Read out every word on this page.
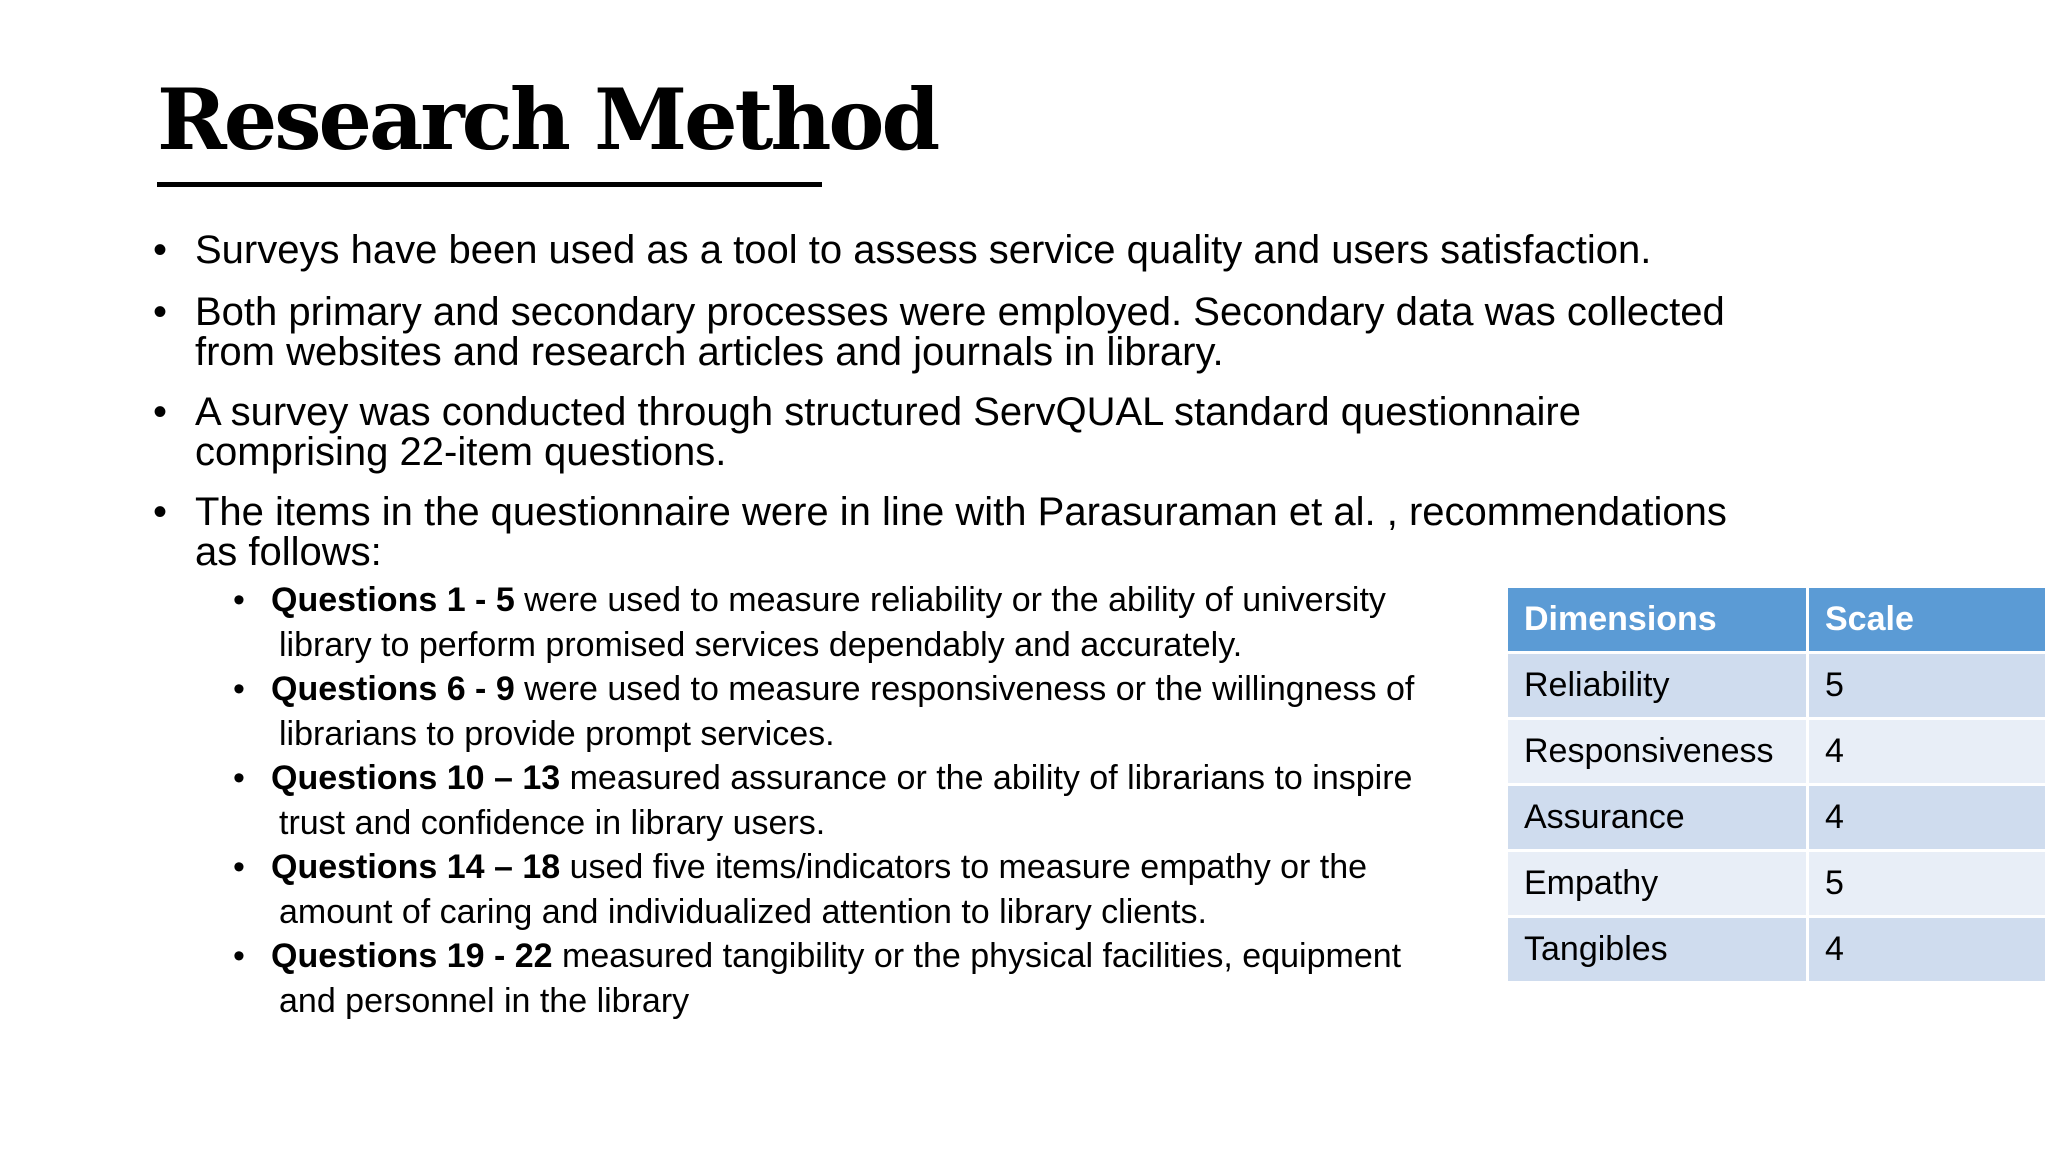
Research Method
• Surveys have been used as a tool to assess service quality and users satisfaction.
• Both primary and secondary processes were employed. Secondary data was collected
from websites and research articles and journals in library.
• A survey was conducted through structured ServQUAL standard questionnaire
comprising 22-item questions.
• The items in the questionnaire were in line with Parasuraman et al. , recommendations
as follows:
• Questions 1 - 5 were used to measure reliability or the ability of university
library to perform promised services dependably and accurately.
• Questions 6 - 9 were used to measure responsiveness or the willingness of
librarians to provide prompt services.
• Questions 10 – 13 measured assurance or the ability of librarians to inspire
trust and confidence in library users.
• Questions 14 – 18 used five items/indicators to measure empathy or the
amount of caring and individualized attention to library clients.
• Questions 19 - 22 measured tangibility or the physical facilities, equipment
and personnel in the library
Dimensions	Scale
Reliability	5
Responsiveness	4
Assurance	4
Empathy	5
Tangibles	4
